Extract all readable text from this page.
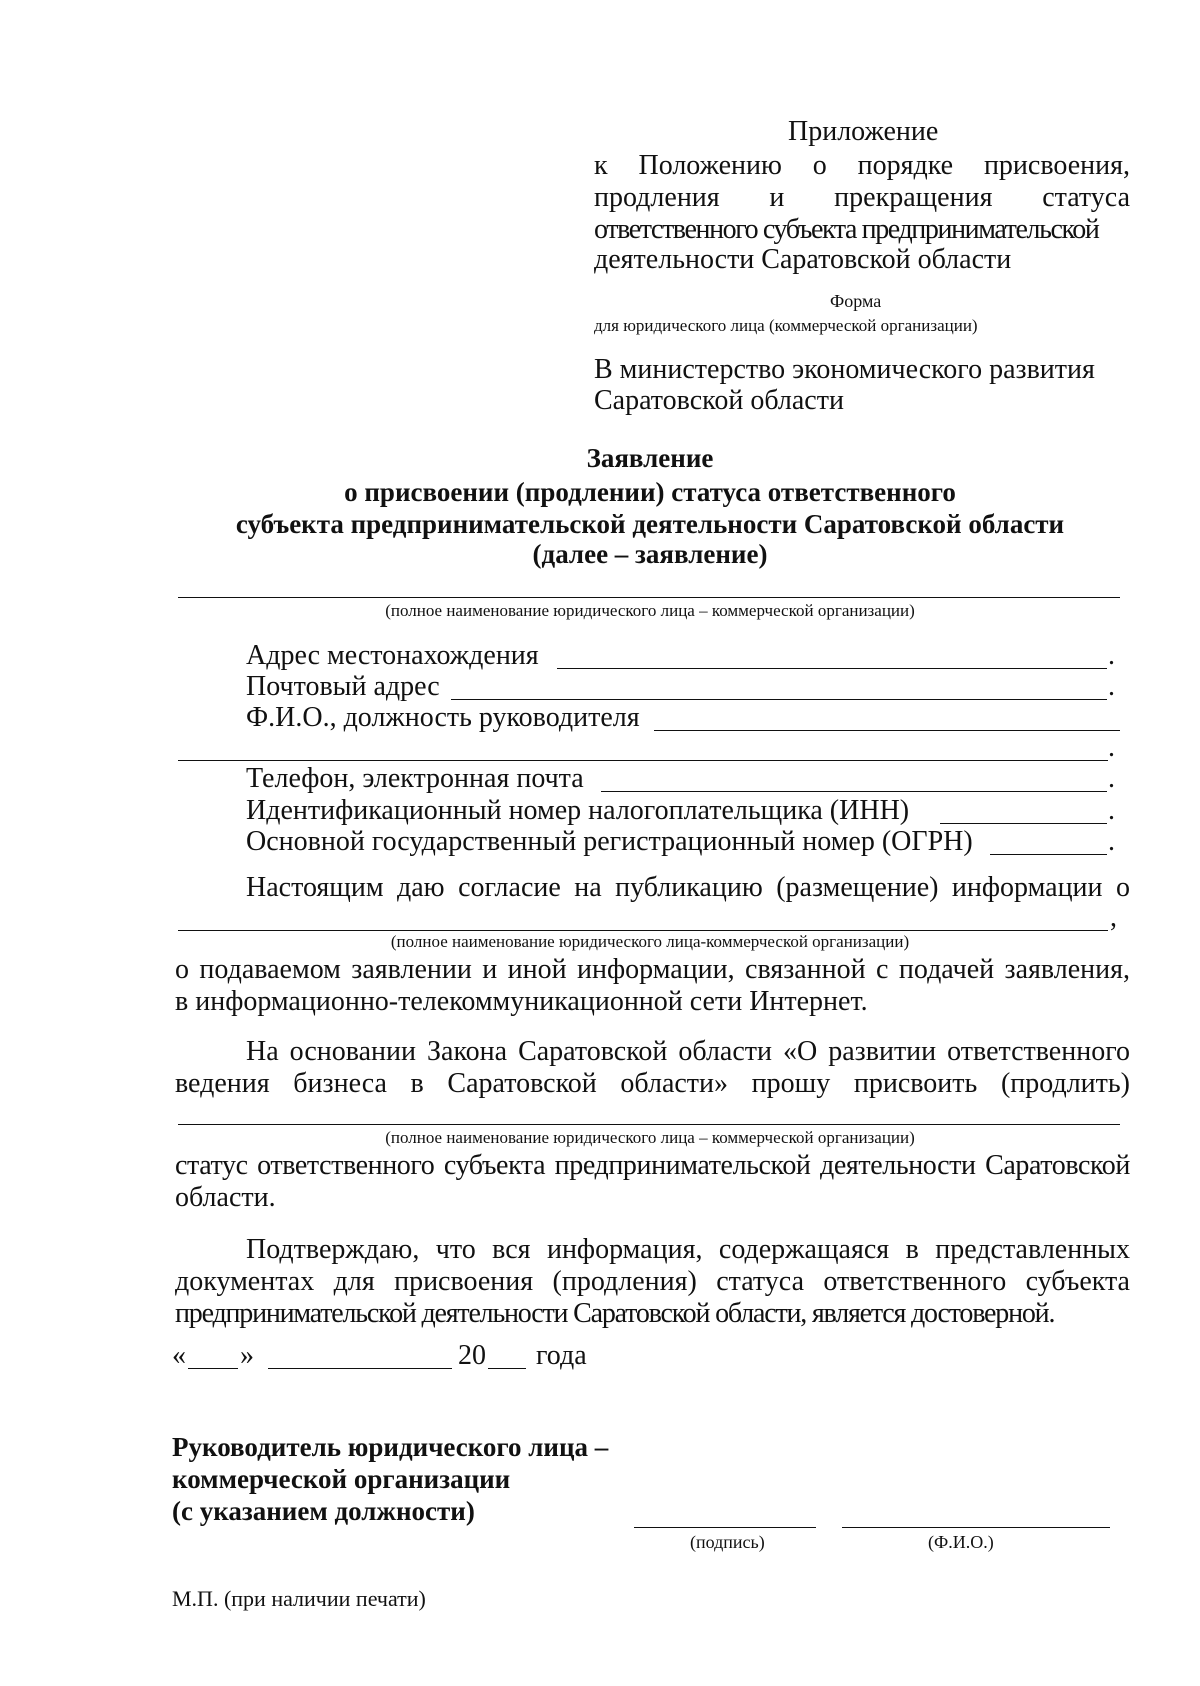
Приложение
к Положению о порядке присвоения,
продления и прекращения статуса
ответственного субъекта предпринимательской
деятельности Саратовской области
Форма
для юридического лица (коммерческой организации)
В министерство экономического развития
Саратовской области
Заявление
о присвоении (продлении) статуса ответственного
субъекта предпринимательской деятельности Саратовской области
(далее – заявление)
(полное наименование юридического лица – коммерческой организации)
Адрес местонахождения	.
Почтовый адрес	.
Ф.И.О., должность руководителя
.
Телефон, электронная почта	.
Идентификационный номер налогоплательщика (ИНН)	.
Основной государственный регистрационный номер (ОГРН)	.
Настоящим даю согласие на публикацию (размещение) информации о
,
(полное наименование юридического лица-коммерческой организации)
о подаваемом заявлении и иной информации, связанной с подачей заявления,
в информационно-телекоммуникационной сети Интернет.
На основании Закона Саратовской области «О развитии ответственного
ведения бизнеса в Саратовской области» прошу присвоить (продлить)
(полное наименование юридического лица – коммерческой организации)
статус ответственного субъекта предпринимательской деятельности Саратовской
области.
Подтверждаю, что вся информация, содержащаяся в представленных
документах для присвоения (продления) статуса ответственного субъекта
предпринимательской деятельности Саратовской области, является достоверной.
« »	20 года
Руководитель юридического лица –
коммерческой организации
(с указанием должности)
(подпись)	(Ф.И.О.)
М.П. (при наличии печати)
